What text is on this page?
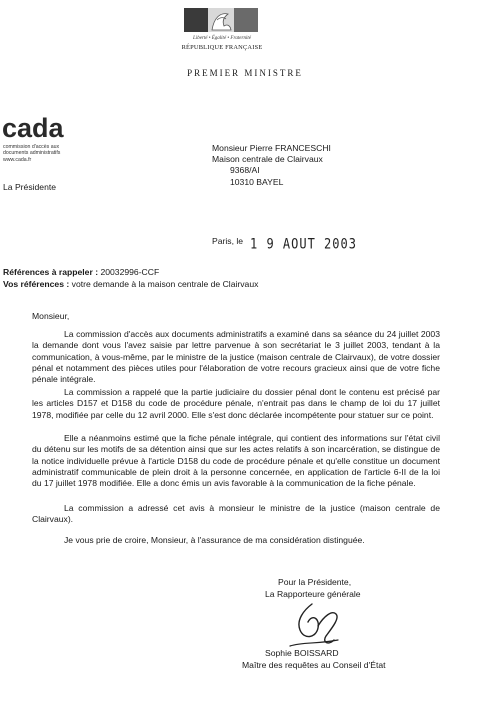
Liberté • Égalité • Fraternité
RÉPUBLIQUE FRANÇAISE
PREMIER MINISTRE
cada
commission d'accès aux
documents administratifs
www.cada.fr
La Présidente
Monsieur Pierre FRANCESCHI
Maison centrale de Clairvaux
9368/AI
10310 BAYEL
Paris, le 1 9 AOUT 2003
Références à rappeler : 20032996-CCF
Vos références : votre demande à la maison centrale de Clairvaux
Monsieur,
La commission d'accès aux documents administratifs a examiné dans sa séance du 24 juillet 2003 la demande dont vous l'avez saisie par lettre parvenue à son secrétariat le 3 juillet 2003, tendant à la communication, à vous-même, par le ministre de la justice (maison centrale de Clairvaux), de votre dossier pénal et notamment des pièces utiles pour l'élaboration de votre recours gracieux ainsi que de votre fiche pénale intégrale.
La commission a rappelé que la partie judiciaire du dossier pénal dont le contenu est précisé par les articles D157 et D158 du code de procédure pénale, n'entrait pas dans le champ de loi du 17 juillet 1978, modifiée par celle du 12 avril 2000. Elle s'est donc déclarée incompétente pour statuer sur ce point.
Elle a néanmoins estimé que la fiche pénale intégrale, qui contient des informations sur l'état civil du détenu sur les motifs de sa détention ainsi que sur les actes relatifs à son incarcération, se distingue de la notice individuelle prévue à l'article D158 du code de procédure pénale et qu'elle constitue un document administratif communicable de plein droit à la personne concernée, en application de l'article 6-II de la loi du 17 juillet 1978 modifiée. Elle a donc émis un avis favorable à la communication de la fiche pénale.
La commission a adressé cet avis à monsieur le ministre de la justice (maison centrale de Clairvaux).
Je vous prie de croire, Monsieur, à l'assurance de ma considération distinguée.
Pour la Présidente,
La Rapporteure générale
Sophie BOISSARD
Maître des requêtes au Conseil d'État
